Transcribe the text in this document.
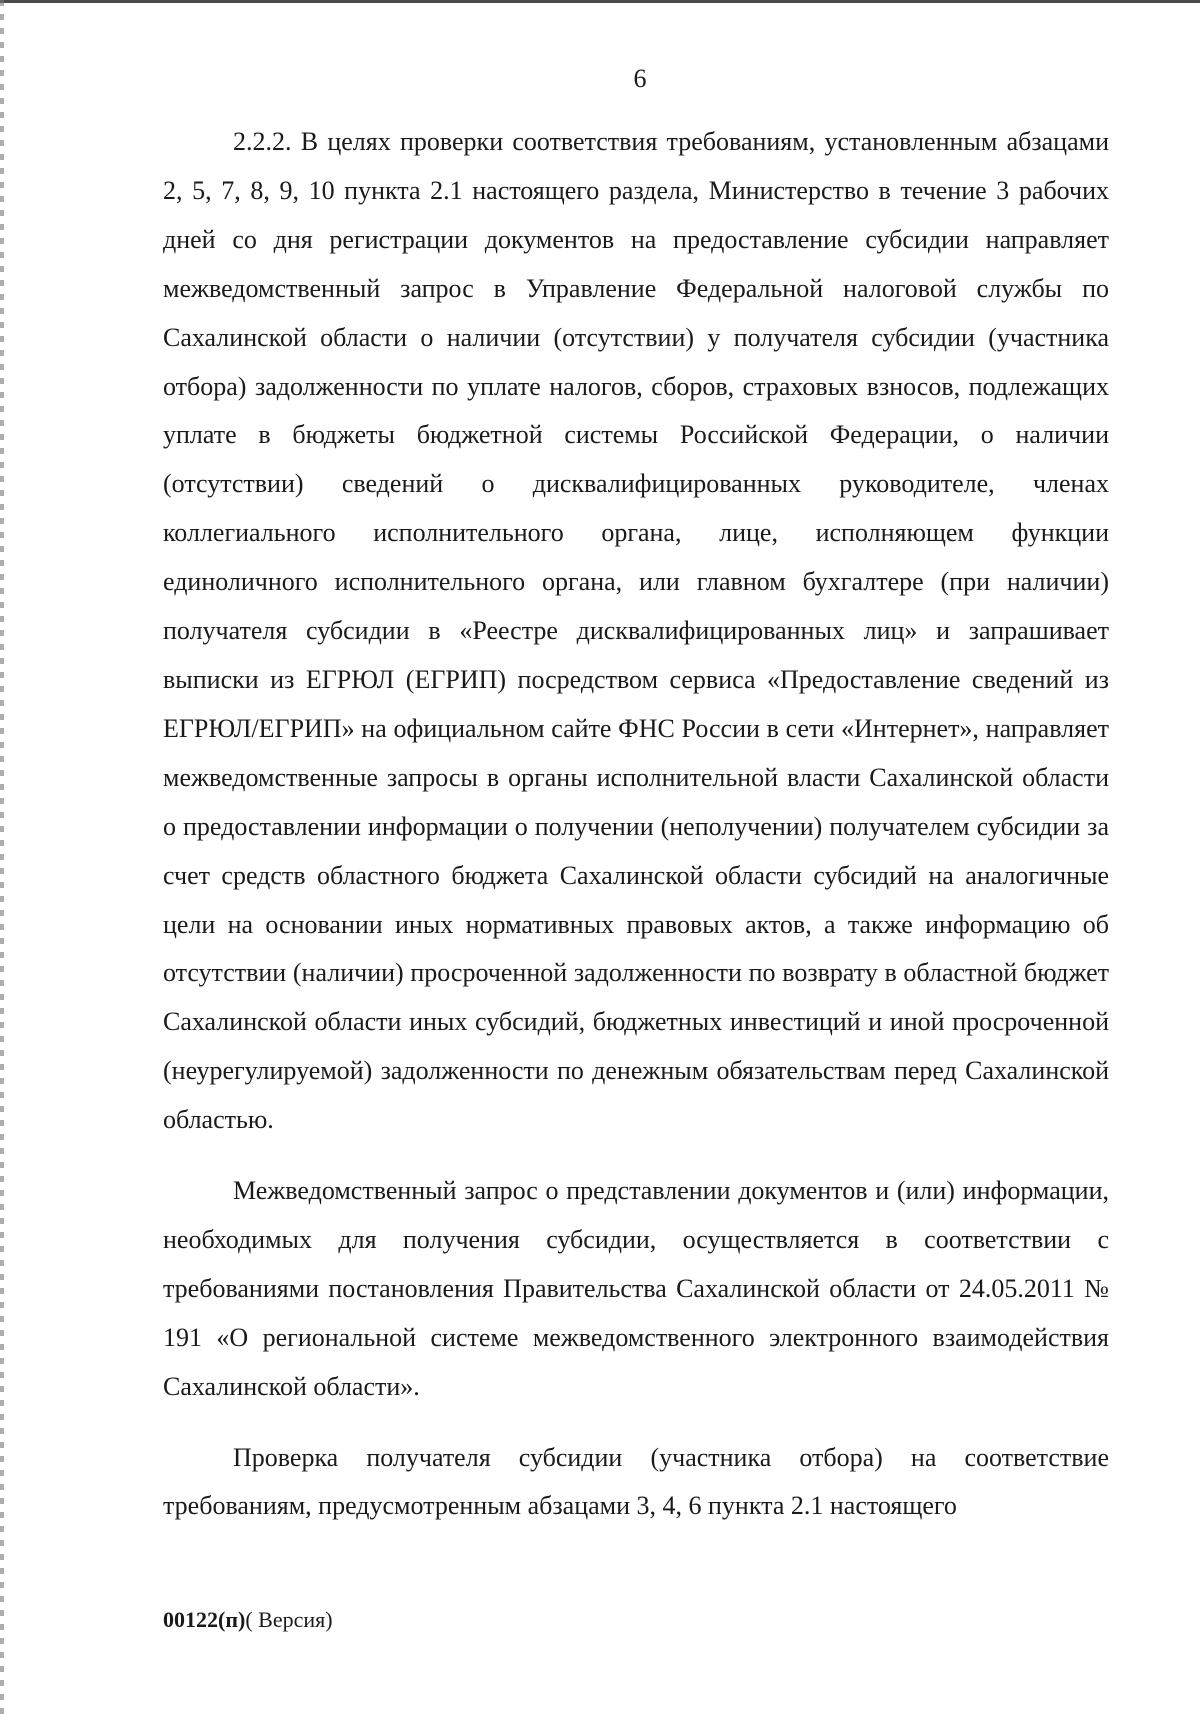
6

2.2.2. В целях проверки соответствия требованиям, установленным абзацами 2, 5, 7, 8, 9, 10 пункта 2.1 настоящего раздела, Министерство в течение 3 рабочих дней со дня регистрации документов на предоставление субсидии направляет межведомственный запрос в Управление Федеральной налоговой службы по Сахалинской области о наличии (отсутствии) у получателя субсидии (участника отбора) задолженности по уплате налогов, сборов, страховых взносов, подлежащих уплате в бюджеты бюджетной системы Российской Федерации, о наличии (отсутствии) сведений о дисквалифицированных руководителе, членах коллегиального исполнительного органа, лице, исполняющем функции единоличного исполнительного органа, или главном бухгалтере (при наличии) получателя субсидии в «Реестре дисквалифицированных лиц» и запрашивает выписки из ЕГРЮЛ (ЕГРИП) посредством сервиса «Предоставление сведений из ЕГРЮЛ/ЕГРИП» на официальном сайте ФНС России в сети «Интернет», направляет межведомственные запросы в органы исполнительной власти Сахалинской области о предоставлении информации о получении (неполучении) получателем субсидии за счет средств областного бюджета Сахалинской области субсидий на аналогичные цели на основании иных нормативных правовых актов, а также информацию об отсутствии (наличии) просроченной задолженности по возврату в областной бюджет Сахалинской области иных субсидий, бюджетных инвестиций и иной просроченной (неурегулируемой) задолженности по денежным обязательствам перед Сахалинской областью.

Межведомственный запрос о представлении документов и (или) информации, необходимых для получения субсидии, осуществляется в соответствии с требованиями постановления Правительства Сахалинской области от 24.05.2011 № 191 «О региональной системе межведомственного электронного взаимодействия Сахалинской области».

Проверка получателя субсидии (участника отбора) на соответствие требованиям, предусмотренным абзацами 3, 4, 6 пункта 2.1 настоящего

00122(п)( Версия)
